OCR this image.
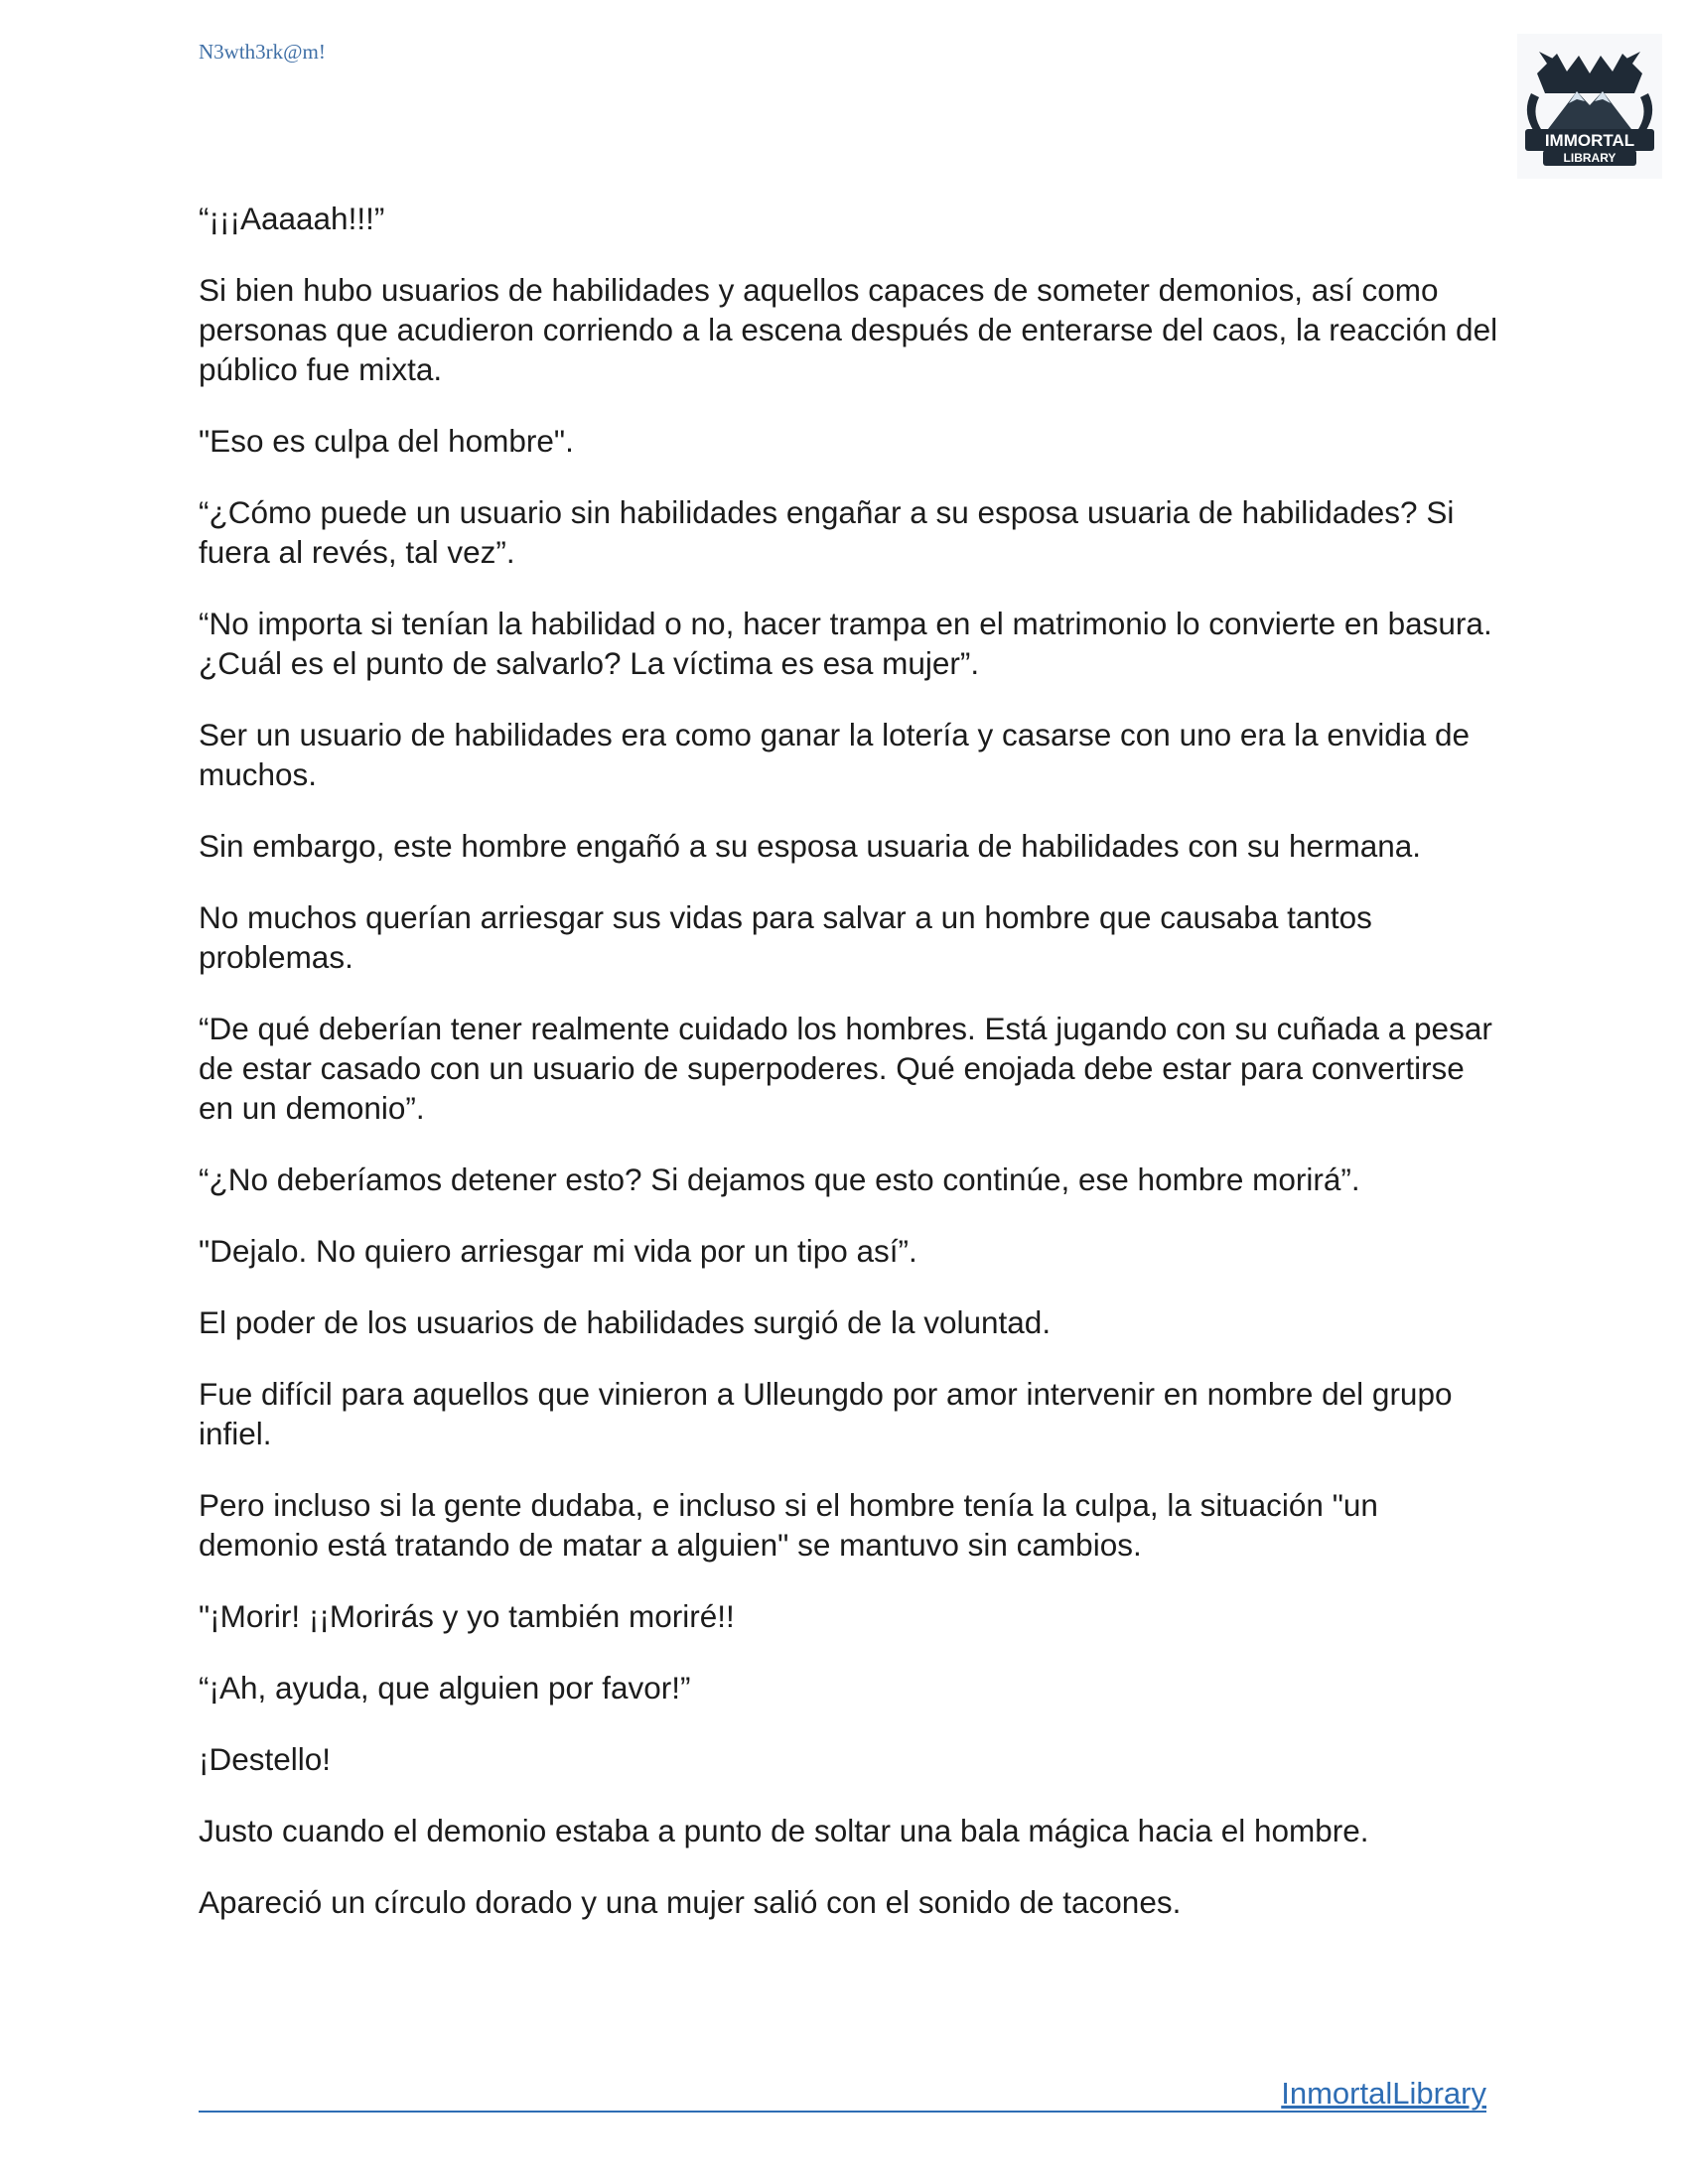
N3wth3rk@m!
IMMORTAL
LIBRARY

“¡¡¡Aaaaah!!!”

Si bien hubo usuarios de habilidades y aquellos capaces de someter demonios, así como personas que acudieron corriendo a la escena después de enterarse del caos, la reacción del público fue mixta.

"Eso es culpa del hombre".

“¿Cómo puede un usuario sin habilidades engañar a su esposa usuaria de habilidades? Si fuera al revés, tal vez”.

“No importa si tenían la habilidad o no, hacer trampa en el matrimonio lo convierte en basura. ¿Cuál es el punto de salvarlo? La víctima es esa mujer”.

Ser un usuario de habilidades era como ganar la lotería y casarse con uno era la envidia de muchos.

Sin embargo, este hombre engañó a su esposa usuaria de habilidades con su hermana.

No muchos querían arriesgar sus vidas para salvar a un hombre que causaba tantos problemas.

“De qué deberían tener realmente cuidado los hombres. Está jugando con su cuñada a pesar de estar casado con un usuario de superpoderes. Qué enojada debe estar para convertirse en un demonio”.

“¿No deberíamos detener esto? Si dejamos que esto continúe, ese hombre morirá”.

"Dejalo. No quiero arriesgar mi vida por un tipo así”.

El poder de los usuarios de habilidades surgió de la voluntad.

Fue difícil para aquellos que vinieron a Ulleungdo por amor intervenir en nombre del grupo infiel.

Pero incluso si la gente dudaba, e incluso si el hombre tenía la culpa, la situación "un demonio está tratando de matar a alguien" se mantuvo sin cambios.

"¡Morir! ¡¡Morirás y yo también moriré!!

“¡Ah, ayuda, que alguien por favor!”

¡Destello!

Justo cuando el demonio estaba a punto de soltar una bala mágica hacia el hombre.

Apareció un círculo dorado y una mujer salió con el sonido de tacones.

InmortalLibrary
